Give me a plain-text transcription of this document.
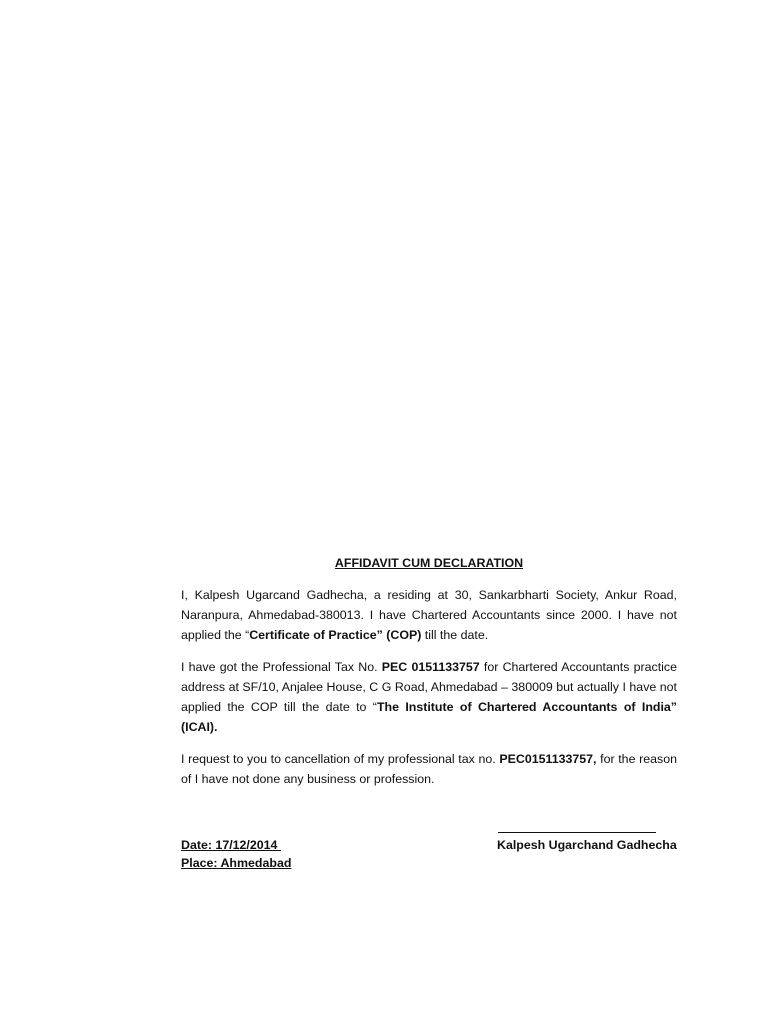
AFFIDAVIT CUM DECLARATION

I, Kalpesh Ugarcand Gadhecha, a residing at 30, Sankarbharti Society, Ankur Road, Naranpura, Ahmedabad-380013. I have Chartered Accountants since 2000. I have not applied the “Certificate of Practice” (COP) till the date.

I have got the Professional Tax No. PEC 0151133757 for Chartered Accountants practice address at SF/10, Anjalee House, C G Road, Ahmedabad – 380009 but actually I have not applied the COP till the date to “The Institute of Chartered Accountants of India” (ICAI).

I request to you to cancellation of my professional tax no. PEC0151133757, for the reason of I have not done any business or profession.

Date: 17/12/2014
Place: Ahmedabad
Kalpesh Ugarchand Gadhecha
